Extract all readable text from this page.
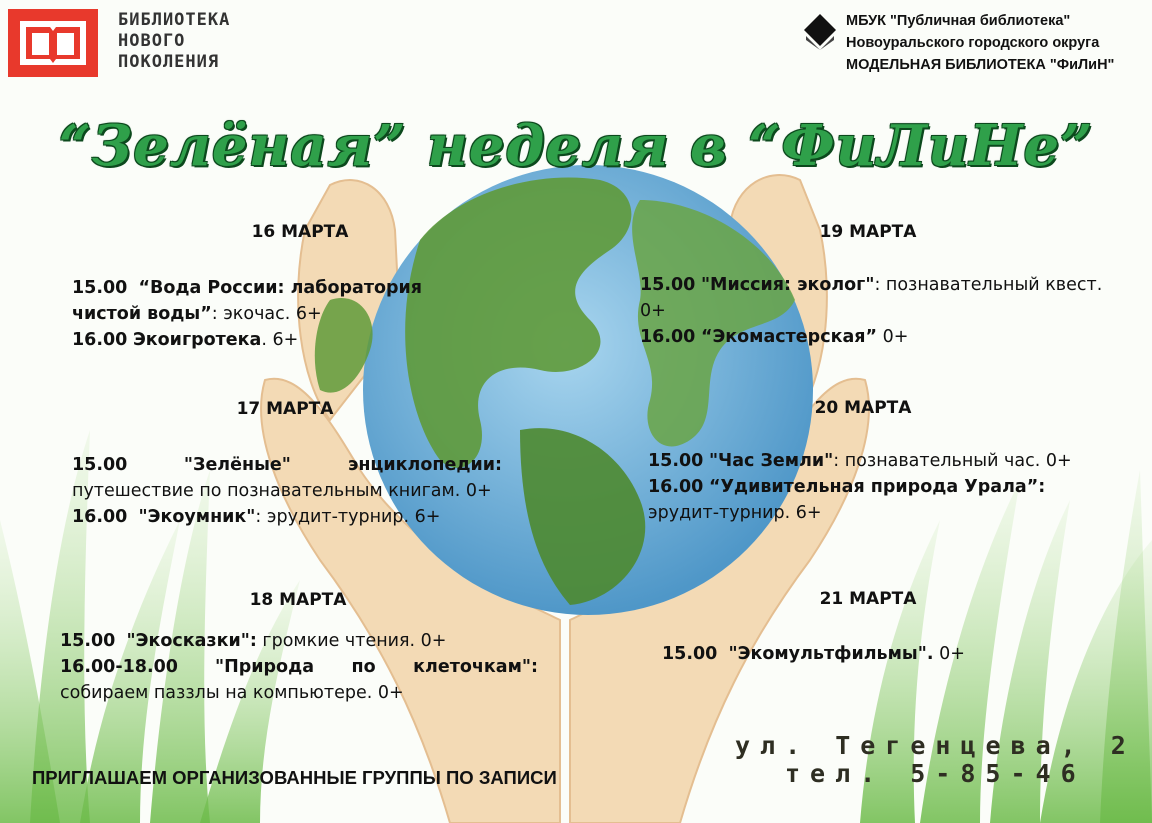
БИБЛИОТЕКА
НОВОГО
ПОКОЛЕНИЯ
МБУК "Публичная библиотека"
Новоуральского городского округа
МОДЕЛЬНАЯ БИБЛИОТЕКА "ФиЛиН"
“Зелёная” неделя в “ФиЛиНе”
16 МАРТА
15.00 “Вода России: лаборатория чистой воды”: экочас. 6+
16.00 Экоигротека. 6+
17 МАРТА
15.00	"Зелёные" энциклопедии:
путешествие по познавательным книгам. 0+
16.00 "Экоумник": эрудит-турнир. 6+
18 МАРТА
15.00 "Экосказки": громкие чтения. 0+
16.00-18.00 "Природа по клеточкам":
собираем паззлы на компьютере. 0+
19 МАРТА
15.00 "Миссия: эколог": познавательный квест. 0+
16.00 “Экомастерская” 0+
20 МАРТА
15.00 "Час Земли": познавательный час. 0+
16.00 “Удивительная природа Урала”:
эрудит-турнир. 6+
21 МАРТА
15.00 "Экомультфильмы". 0+
ул. Тегенцева, 2
тел. 5-85-46
ПРИГЛАШАЕМ ОРГАНИЗОВАННЫЕ ГРУППЫ ПО ЗАПИСИ
